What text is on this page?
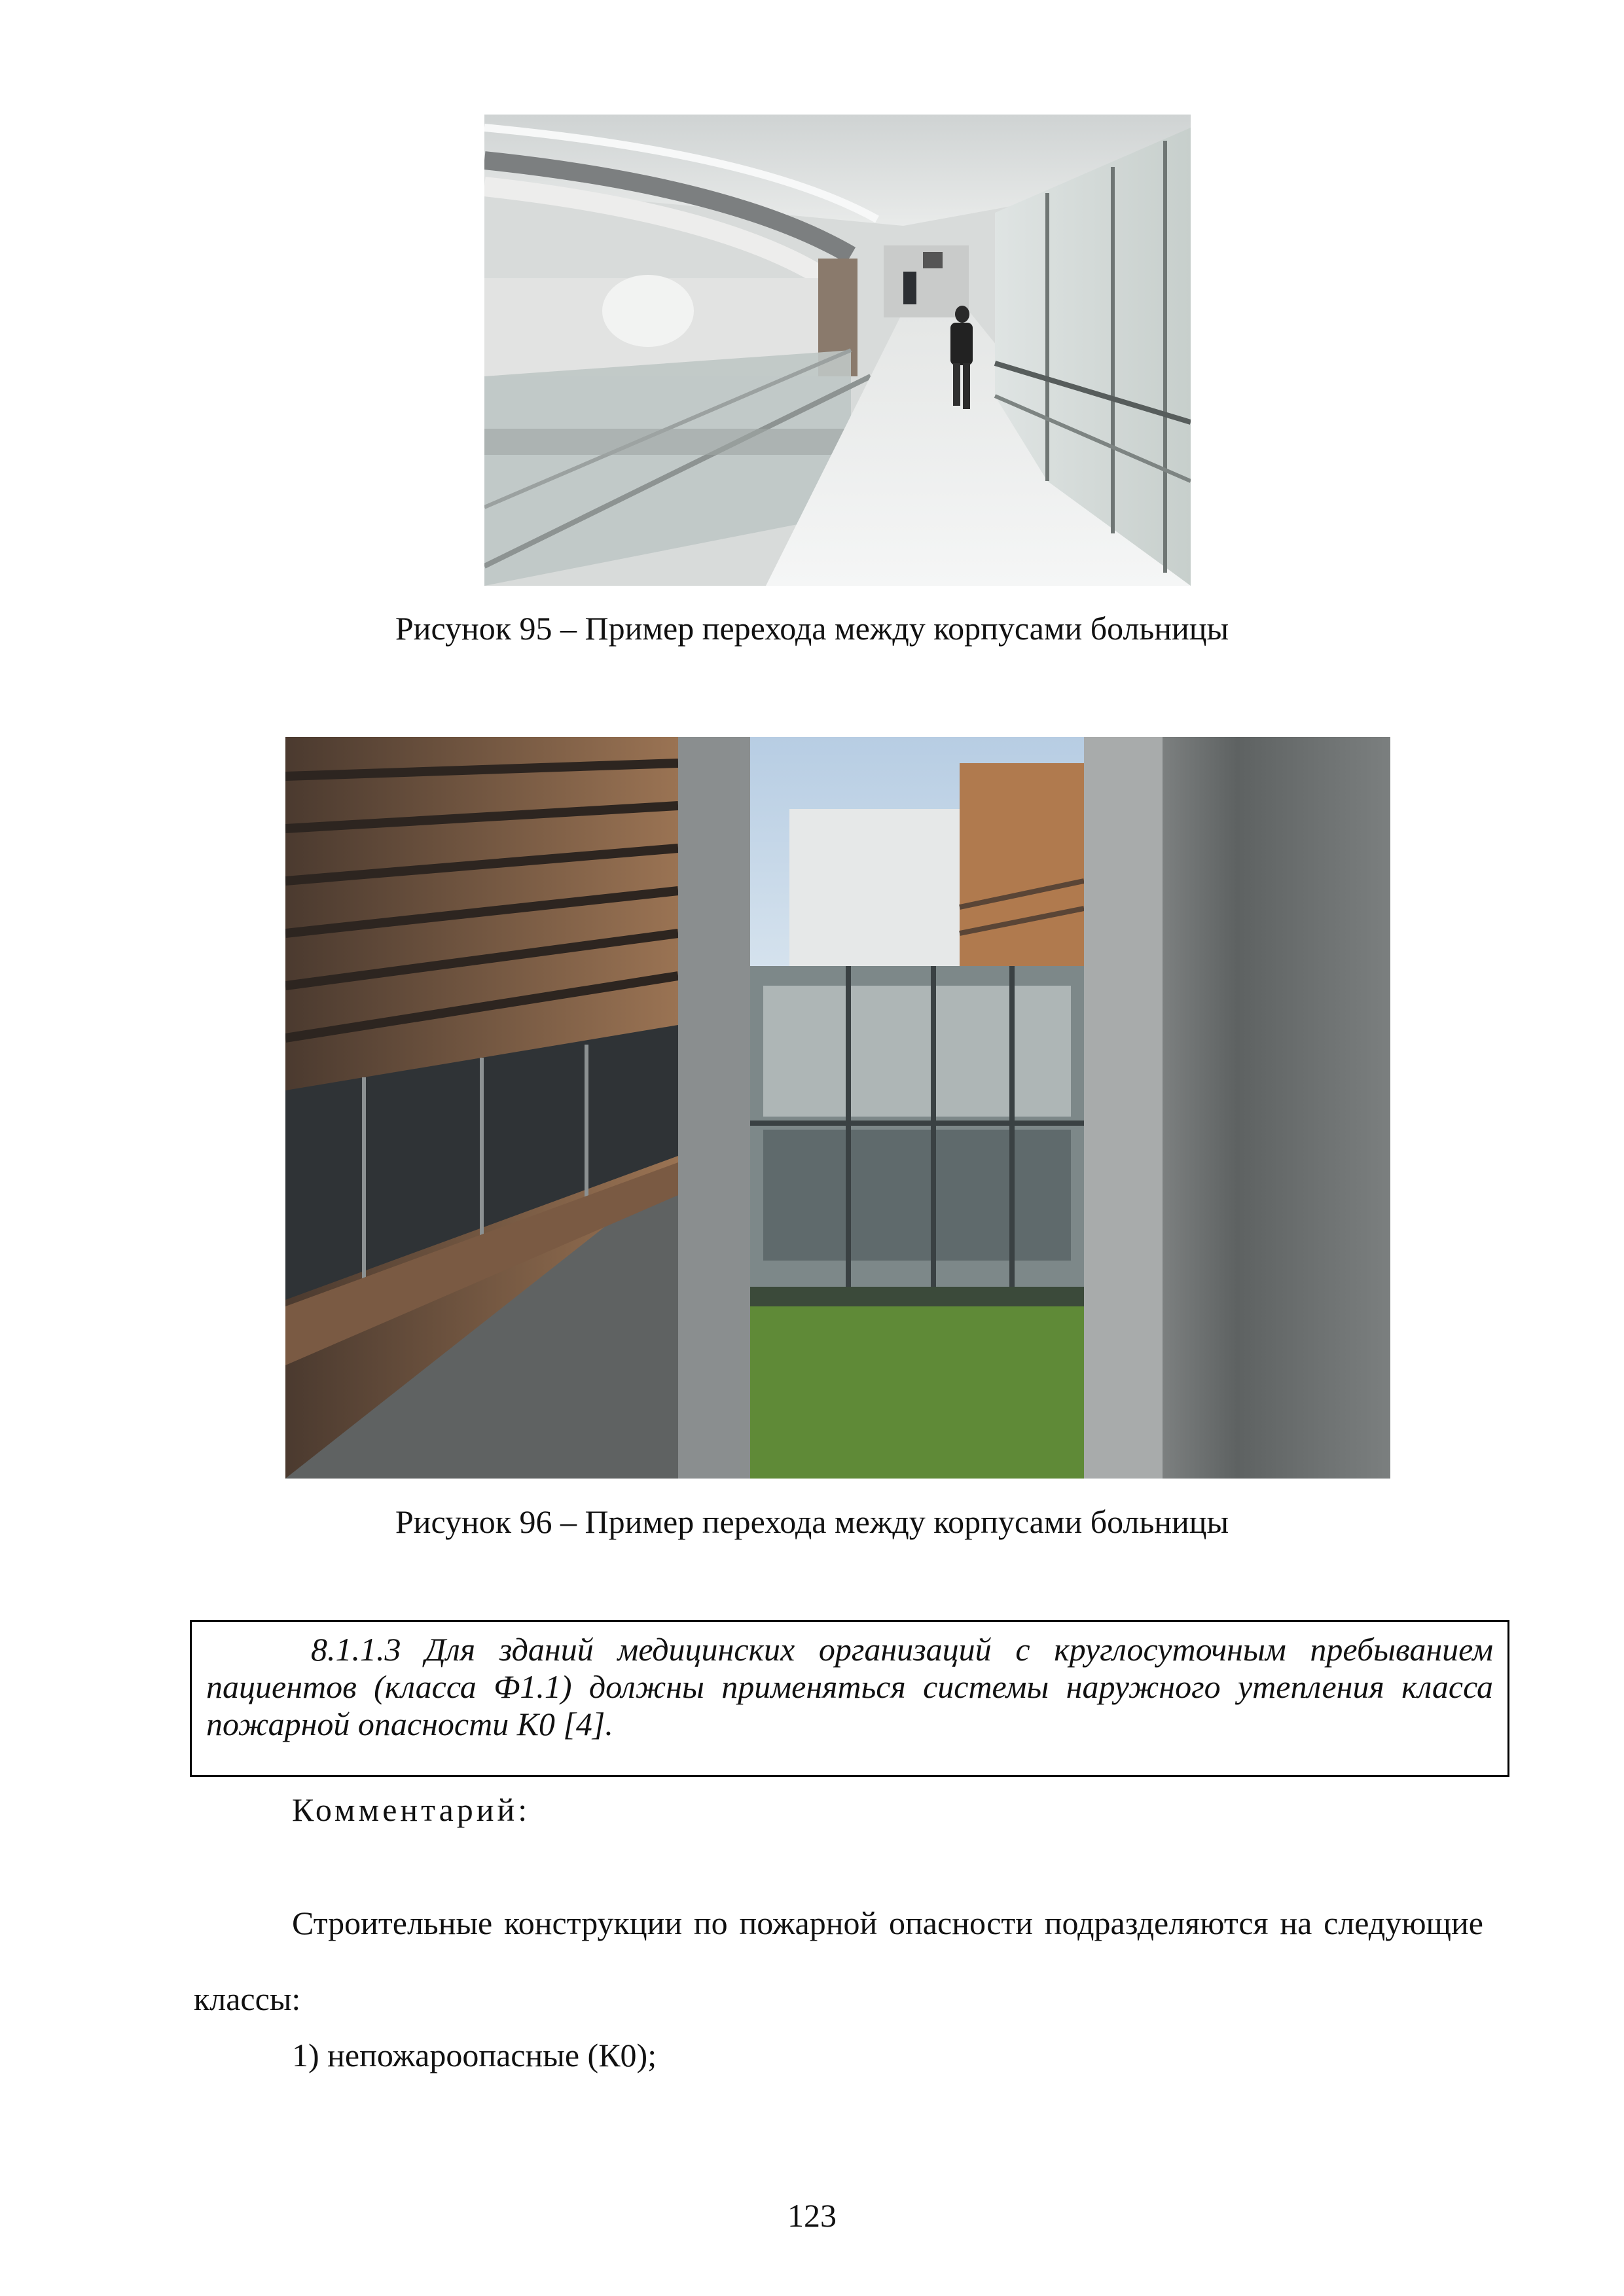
Рисунок 95 – Пример перехода между корпусами больницы
Рисунок 96 – Пример перехода между корпусами больницы

8.1.1.3 Для зданий медицинских организаций с круглосуточным пребыванием пациентов (класса Ф1.1) должны применяться системы наружного утепления класса пожарной опасности К0 [4].

Комментарий:
Строительные конструкции по пожарной опасности подразделяются на следующие классы:
1) непожароопасные (К0);
123
